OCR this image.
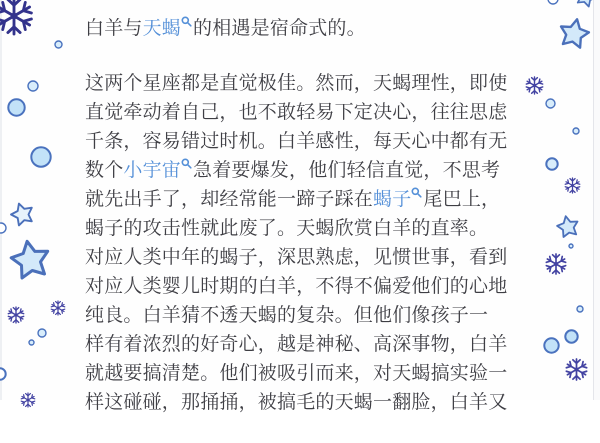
白羊与天蝎 的相遇是宿命式的。

这两个星座都是直觉极佳。然而，天蝎理性，即使
直觉牵动着自己，也不敢轻易下定决心，往往思虑
千条，容易错过时机。白羊感性，每天心中都有无
数个小宇宙 急着要爆发，他们轻信直觉，不思考
就先出手了，却经常能一蹄子踩在蝎子 尾巴上，
蝎子的攻击性就此废了。天蝎欣赏白羊的直率。
对应人类中年的蝎子，深思熟虑，见惯世事，看到
对应人类婴儿时期的白羊，不得不偏爱他们的心地
纯良。白羊猜不透天蝎的复杂。但他们像孩子一
样有着浓烈的好奇心，越是神秘、高深事物，白羊
就越要搞清楚。他们被吸引而来，对天蝎搞实验一
样这碰碰，那捅捅，被搞毛的天蝎一翻脸，白羊又
